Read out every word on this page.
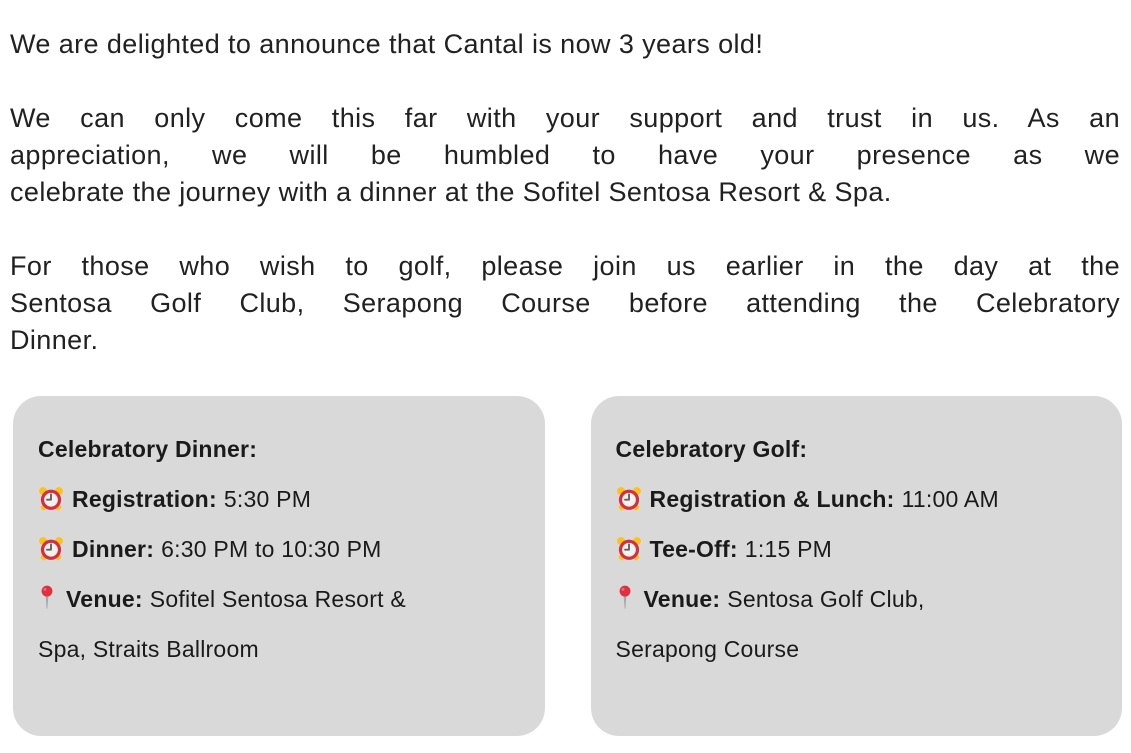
We are delighted to announce that Cantal is now 3 years old!

We can only come this far with your support and trust in us. As an
appreciation, we will be humbled to have your presence as we
celebrate the journey with a dinner at the Sofitel Sentosa Resort & Spa.

For those who wish to golf, please join us earlier in the day at the
Sentosa Golf Club, Serapong Course before attending the Celebratory
Dinner.

Celebratory Dinner:
Registration: 5:30 PM
Dinner: 6:30 PM to 10:30 PM
Venue: Sofitel Sentosa Resort &
Spa, Straits Ballroom
Celebratory Golf:
Registration & Lunch: 11:00 AM
Tee-Off: 1:15 PM
Venue: Sentosa Golf Club,
Serapong Course
